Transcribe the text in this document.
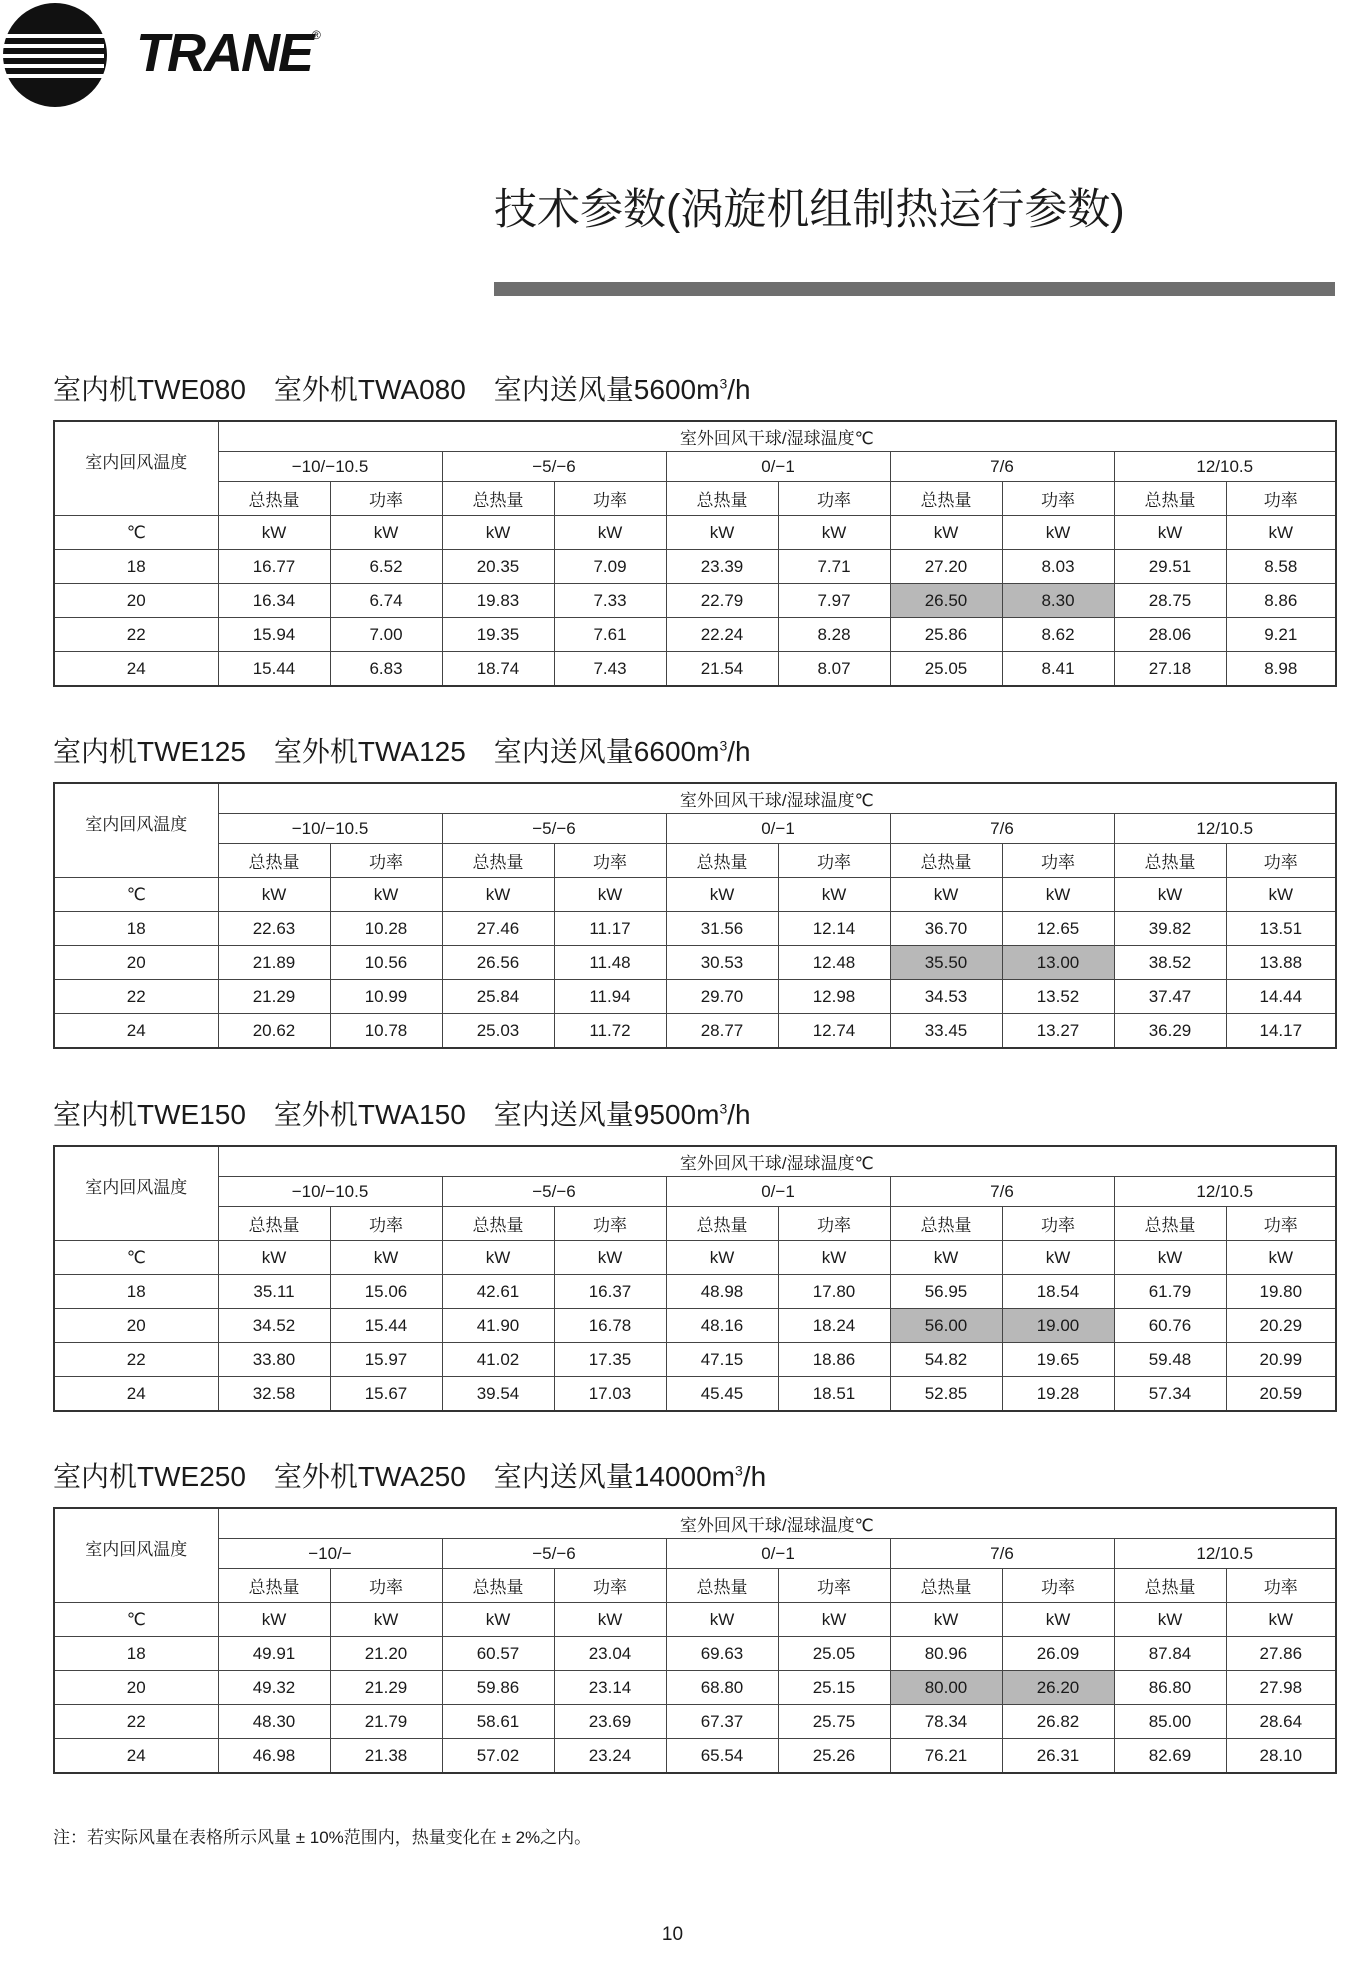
TRANE®
技术参数(涡旋机组制热运行参数)
室内机TWE080　室外机TWA080　室内送风量$5600m^3/h$
室内回风温度	室外回风干球/湿球温度℃									
	−10/−10.5		−5/−6		0/−1		7/6		12/10.5	
	总热量	功率	总热量	功率	总热量	功率	总热量	功率	总热量	功率
℃	kW	kW	kW	kW	kW	kW	kW	kW	kW	kW
18	16.77	6.52	20.35	7.09	23.39	7.71	27.20	8.03	29.51	8.58
20	16.34	6.74	19.83	7.33	22.79	7.97	26.50	8.30	28.75	8.86
22	15.94	7.00	19.35	7.61	22.24	8.28	25.86	8.62	28.06	9.21
24	15.44	6.83	18.74	7.43	21.54	8.07	25.05	8.41	27.18	8.98
室内机TWE125　室外机TWA125　室内送风量$6600m^3/h$
室内回风温度	室外回风干球/湿球温度℃									
	−10/−10.5		−5/−6		0/−1		7/6		12/10.5	
	总热量	功率	总热量	功率	总热量	功率	总热量	功率	总热量	功率
℃	kW	kW	kW	kW	kW	kW	kW	kW	kW	kW
18	22.63	10.28	27.46	11.17	31.56	12.14	36.70	12.65	39.82	13.51
20	21.89	10.56	26.56	11.48	30.53	12.48	35.50	13.00	38.52	13.88
22	21.29	10.99	25.84	11.94	29.70	12.98	34.53	13.52	37.47	14.44
24	20.62	10.78	25.03	11.72	28.77	12.74	33.45	13.27	36.29	14.17
室内机TWE150　室外机TWA150　室内送风量$9500m^3/h$
室内回风温度	室外回风干球/湿球温度℃									
	−10/−10.5		−5/−6		0/−1		7/6		12/10.5	
	总热量	功率	总热量	功率	总热量	功率	总热量	功率	总热量	功率
℃	kW	kW	kW	kW	kW	kW	kW	kW	kW	kW
18	35.11	15.06	42.61	16.37	48.98	17.80	56.95	18.54	61.79	19.80
20	34.52	15.44	41.90	16.78	48.16	18.24	56.00	19.00	60.76	20.29
22	33.80	15.97	41.02	17.35	47.15	18.86	54.82	19.65	59.48	20.99
24	32.58	15.67	39.54	17.03	45.45	18.51	52.85	19.28	57.34	20.59
室内机TWE250　室外机TWA250　室内送风量$14000m^3/h$
室内回风温度	室外回风干球/湿球温度℃									
	−10/−		−5/−6		0/−1		7/6		12/10.5	
	总热量	功率	总热量	功率	总热量	功率	总热量	功率	总热量	功率
℃	kW	kW	kW	kW	kW	kW	kW	kW	kW	kW
18	49.91	21.20	60.57	23.04	69.63	25.05	80.96	26.09	87.84	27.86
20	49.32	21.29	59.86	23.14	68.80	25.15	80.00	26.20	86.80	27.98
22	48.30	21.79	58.61	23.69	67.37	25.75	78.34	26.82	85.00	28.64
24	46.98	21.38	57.02	23.24	65.54	25.26	76.21	26.31	82.69	28.10
注：若实际风量在表格所示风量 ± 10%范围内，热量变化在 ± 2%之内。
10
